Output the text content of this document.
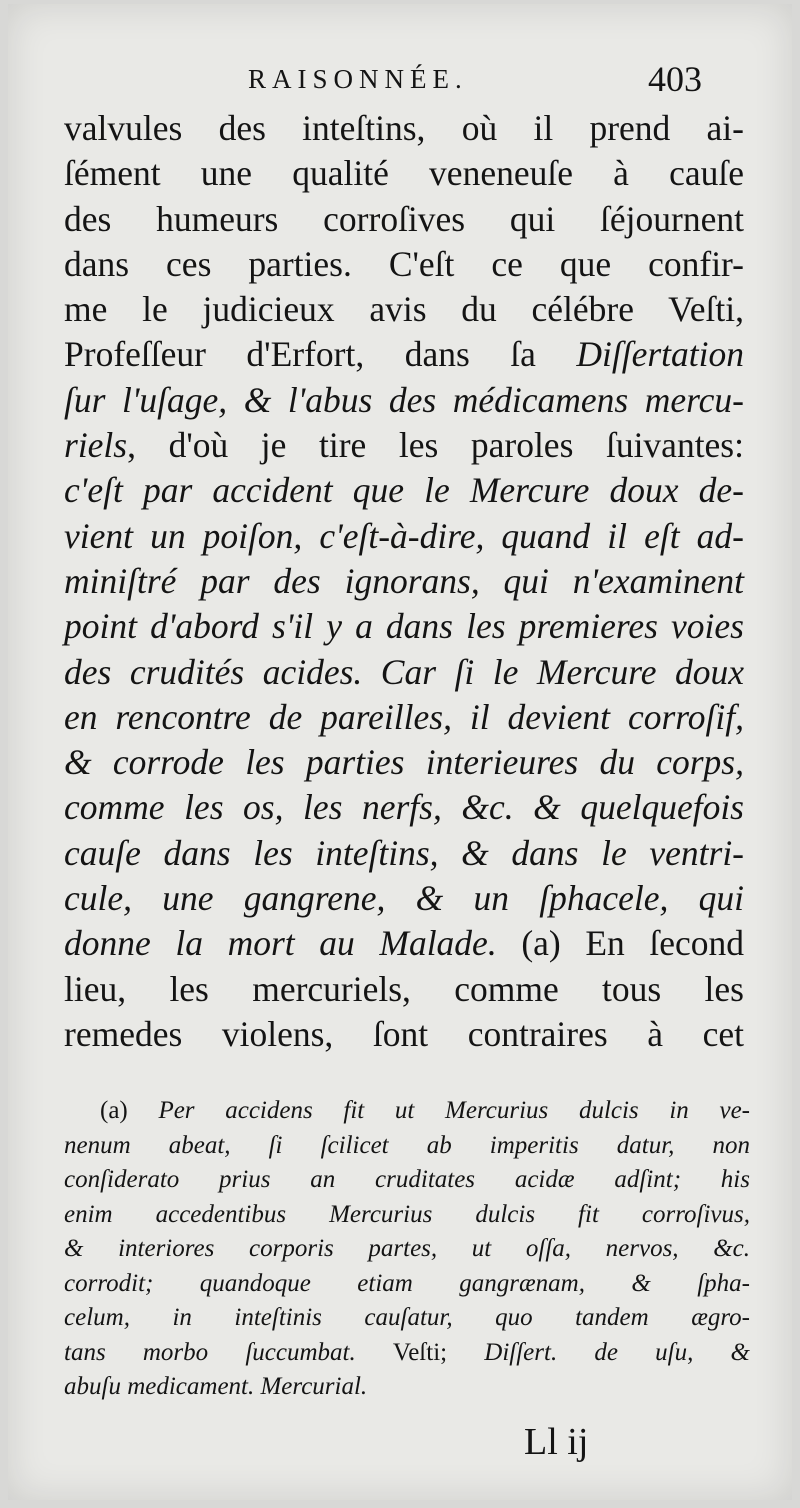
RAISONNÉE.	403
valvules des inteſtins, où il prend ai-
ſément une qualité veneneuſe à cauſe
des humeurs corroſives qui ſéjournent
dans ces parties. C'eſt ce que confir-
me le judicieux avis du célébre Veſti,
Profeſſeur d'Erfort, dans ſa Diſſertation
ſur l'uſage, & l'abus des médicamens mercu-
riels, d'où je tire les paroles ſuivantes:
c'eſt par accident que le Mercure doux de-
vient un poiſon, c'eſt-à-dire, quand il eſt ad-
miniſtré par des ignorans, qui n'examinent
point d'abord s'il y a dans les premieres voies
des crudités acides. Car ſi le Mercure doux
en rencontre de pareilles, il devient corroſif,
& corrode les parties interieures du corps,
comme les os, les nerfs, &c. & quelquefois
cauſe dans les inteſtins, & dans le ventri-
cule, une gangrene, & un ſphacele, qui
donne la mort au Malade. (a) En ſecond
lieu, les mercuriels, comme tous les
remedes violens, ſont contraires à cet
(a) Per accidens fit ut Mercurius dulcis in ve-
nenum abeat, ſi ſcilicet ab imperitis datur, non
conſiderato prius an cruditates acidæ adſint; his
enim accedentibus Mercurius dulcis fit corroſivus,
& interiores corporis partes, ut oſſa, nervos, &c.
corrodit; quandoque etiam gangrænam, & ſpha-
celum, in inteſtinis cauſatur, quo tandem ægro-
tans morbo ſuccumbat. Veſti; Diſſert. de uſu, &
abuſu medicament. Mercurial.
Ll ij
